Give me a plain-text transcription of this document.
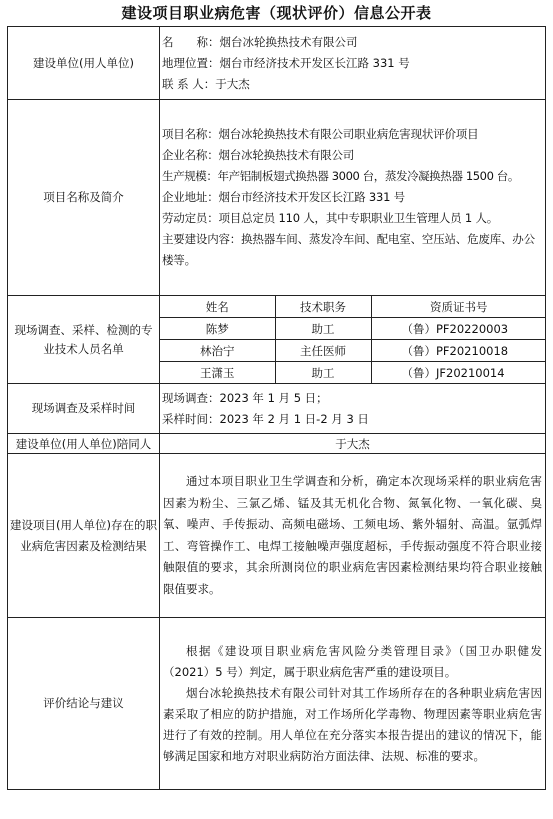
建设项目职业病危害（现状评价）信息公开表
建设单位(用人单位)	
名　　称：烟台冰轮换热技术有限公司
地理位置：烟台市经济技术开发区长江路 331 号
联 系 人：于大杰

项目名称及简介	
项目名称：烟台冰轮换热技术有限公司职业病危害现状评价项目
企业名称：烟台冰轮换热技术有限公司
生产规模：年产铝制板翅式换热器 3000 台，蒸发冷凝换热器 1500 台。
企业地址：烟台市经济技术开发区长江路 331 号
劳动定员：项目总定员 110 人，其中专职职业卫生管理人员 1 人。
主要建设内容：换热器车间、蒸发冷车间、配电室、空压站、危废库、办公楼等。

现场调查、采样、检测的专业技术人员名单	
姓名	技术职务	资质证书号
陈梦	助工	（鲁）PF20220003
林治宁	主任医师	（鲁）PF20210018
王潇玉	助工	（鲁）JF20210014

现场调查及采样时间	
现场调查：2023 年 1 月 5 日；
采样时间：2023 年 2 月 1 日-2 月 3 日

建设单位(用人单位)陪同人	于大杰
建设项目(用人单位)存在的职业病危害因素及检测结果	
通过本项目职业卫生学调查和分析，确定本次现场采样的职业病危害因素为粉尘、三氯乙烯、锰及其无机化合物、氮氧化物、一氧化碳、臭氧、噪声、手传振动、高频电磁场、工频电场、紫外辐射、高温。氩弧焊工、弯管操作工、电焊工接触噪声强度超标，手传振动强度不符合职业接触限值的要求，其余所测岗位的职业病危害因素检测结果均符合职业接触限值要求。

评价结论与建议	
根据《建设项目职业病危害风险分类管理目录》（国卫办职健发（2021）5 号）判定，属于职业病危害严重的建设项目。
烟台冰轮换热技术有限公司针对其工作场所存在的各种职业病危害因素采取了相应的防护措施，对工作场所化学毒物、物理因素等职业病危害进行了有效的控制。用人单位在充分落实本报告提出的建议的情况下，能够满足国家和地方对职业病防治方面法律、法规、标准的要求。
